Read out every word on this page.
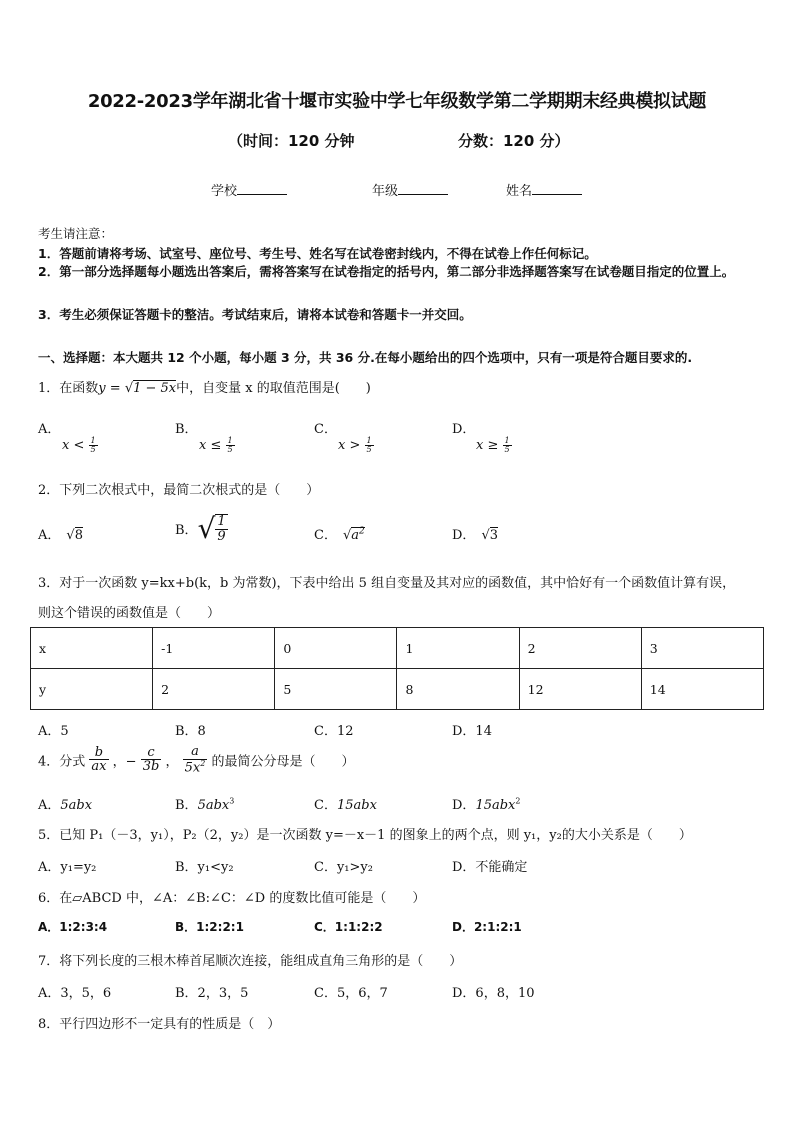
2022-2023学年湖北省十堰市实验中学七年级数学第二学期期末经典模拟试题
（时间：120 分钟	分数：120 分）
学校	年级	姓名
考生请注意：
1．答题前请将考场、试室号、座位号、考生号、姓名写在试卷密封线内，不得在试卷上作任何标记。
2．第一部分选择题每小题选出答案后，需将答案写在试卷指定的括号内，第二部分非选择题答案写在试卷题目指定的位置上。
3．考生必须保证答题卡的整洁。考试结束后，请将本试卷和答题卡一并交回。
一、选择题：本大题共 12 个小题，每小题 3 分，共 36 分.在每小题给出的四个选项中，只有一项是符合题目要求的.
1．在函数y = √1 − 5x中，自变量 x 的取值范围是(　　)
A．
$x < \frac{1}{5}$
B．
$x \le \frac{1}{5}$
C．
$x > \frac{1}{5}$
D．
$x \ge \frac{1}{5}$
2．下列二次根式中，最简二次根式的是（　　）
A． √8	B．√ $\frac{1}{9}$	C． $√a^2$	D． √3
3．对于一次函数 y=kx+b(k，b 为常数)，下表中给出 5 组自变量及其对应的函数值，其中恰好有一个函数值计算有误，
则这个错误的函数值是（　　）
x	-1	0	1	2	3
y	2	5	8	12	14
A．5	B．8	C．12	D．14
4．分式 $\frac{b}{ax}$ ，− $\frac{c}{3b}$ ， $\frac{a}{5x^2}$ 的最简公分母是（　　）
A．5abx	B．5abx$^3$	C．15abx	D．15abx$^2$
5．已知 P₁（－3，y₁），P₂（2，y₂）是一次函数 y=－x－1 的图象上的两个点，则 y₁，y₂的大小关系是（　　）
A．y₁=y₂	B．y₁<y₂	C．y₁>y₂	D．不能确定
6．在▱ABCD 中，∠A：∠B:∠C：∠D 的度数比值可能是（　　）
A．1:2:3:4	B．1:2:2:1	C．1:1:2:2	D．2:1:2:1
7．将下列长度的三根木棒首尾顺次连接，能组成直角三角形的是（　　）
A．3，5，6	B．2，3，5	C．5，6，7	D．6，8，10
8．平行四边形不一定具有的性质是（　）
